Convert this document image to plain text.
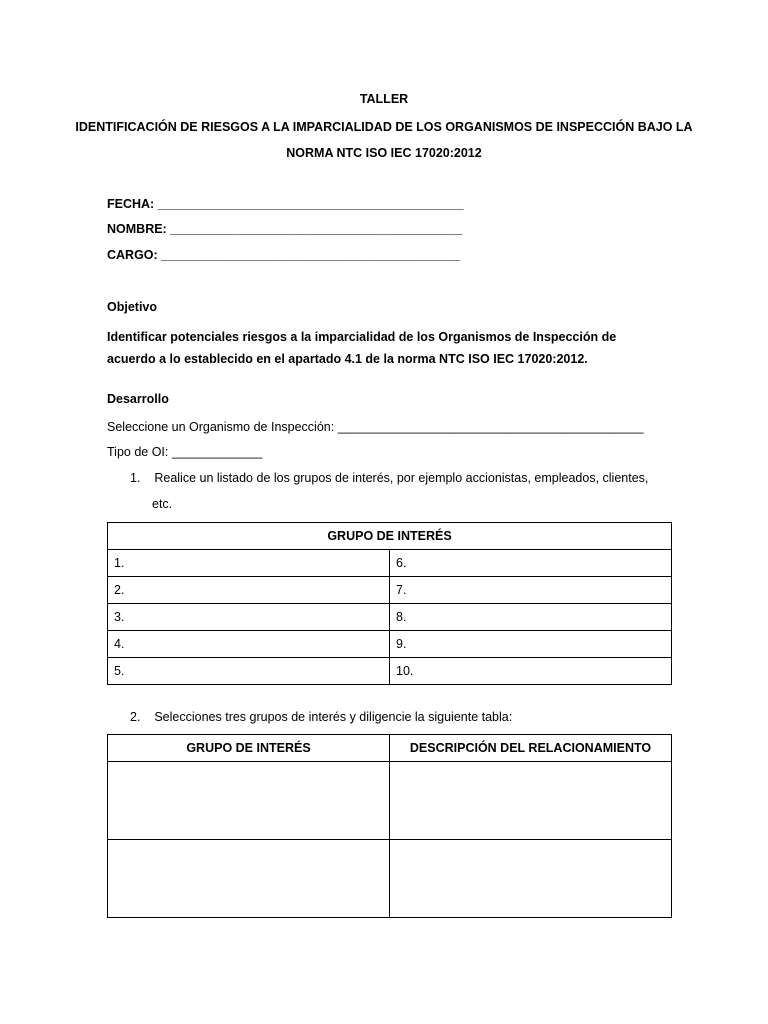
TALLER
IDENTIFICACIÓN DE RIESGOS A LA IMPARCIALIDAD DE LOS ORGANISMOS DE INSPECCIÓN BAJO LA
NORMA NTC ISO IEC 17020:2012
FECHA: ____________________________________________
NOMBRE: __________________________________________
CARGO: ___________________________________________
Objetivo
Identificar potenciales riesgos a la imparcialidad de los Organismos de Inspección de acuerdo a lo establecido en el apartado 4.1 de la norma NTC ISO IEC 17020:2012.
Desarrollo
Seleccione un Organismo de Inspección: ____________________________________________
Tipo de OI: _____________
1. Realice un listado de los grupos de interés, por ejemplo accionistas, empleados, clientes,
etc.
GRUPO DE INTERÉS	
1.	6.
2.	7.
3.	8.
4.	9.
5.	10.
2. Selecciones tres grupos de interés y diligencie la siguiente tabla:
GRUPO DE INTERÉS	DESCRIPCIÓN DEL RELACIONAMIENTO
